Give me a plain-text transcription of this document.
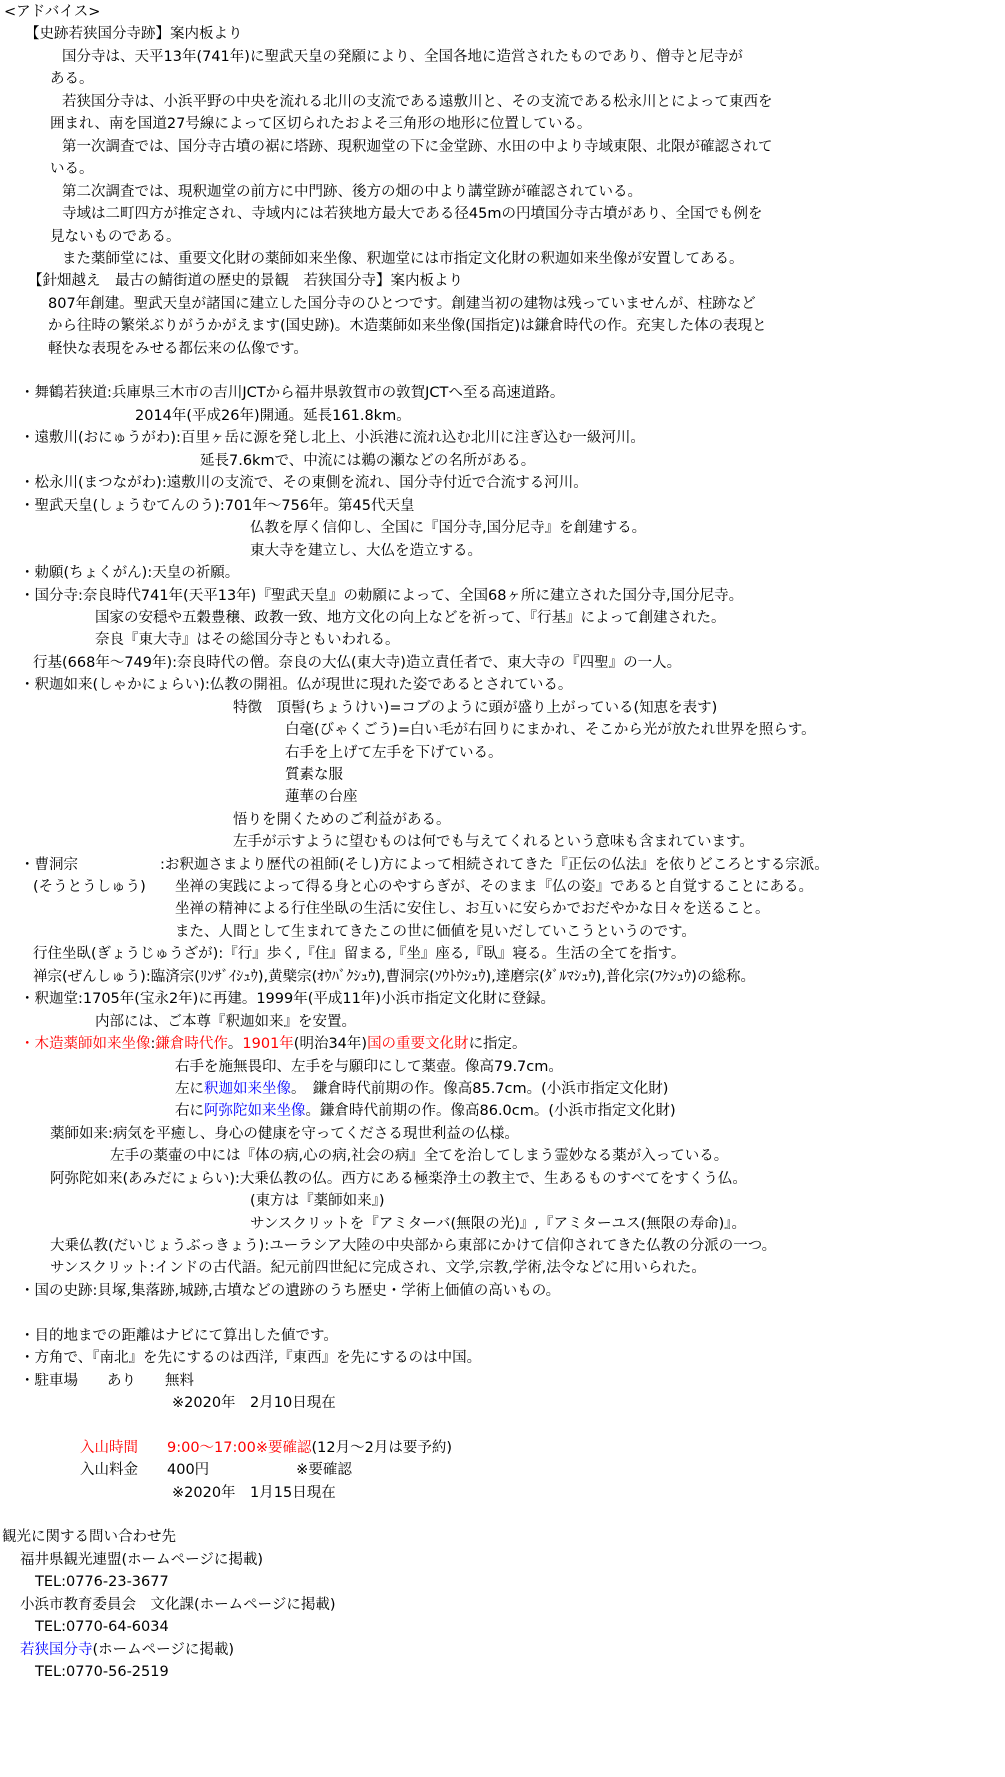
<アドバイス>
【史跡若狭国分寺跡】案内板より
国分寺は、天平13年(741年)に聖武天皇の発願により、全国各地に造営されたものであり、僧寺と尼寺が
ある。
若狭国分寺は、小浜平野の中央を流れる北川の支流である遠敷川と、その支流である松永川とによって東西を
囲まれ、南を国道27号線によって区切られたおよそ三角形の地形に位置している。
第一次調査では、国分寺古墳の裾に塔跡、現釈迦堂の下に金堂跡、水田の中より寺域東限、北限が確認されて
いる。
第二次調査では、現釈迦堂の前方に中門跡、後方の畑の中より講堂跡が確認されている。
寺域は二町四方が推定され、寺域内には若狭地方最大である径45mの円墳国分寺古墳があり、全国でも例を
見ないものである。
また薬師堂には、重要文化財の薬師如来坐像、釈迦堂には市指定文化財の釈迦如来坐像が安置してある。
【針畑越え　最古の鯖街道の歴史的景観　若狭国分寺】案内板より
807年創建。聖武天皇が諸国に建立した国分寺のひとつです。創建当初の建物は残っていませんが、柱跡など
から往時の繁栄ぶりがうかがえます(国史跡)。木造薬師如来坐像(国指定)は鎌倉時代の作。充実した体の表現と
軽快な表現をみせる都伝来の仏像です。
・舞鶴若狭道:兵庫県三木市の吉川JCTから福井県敦賀市の敦賀JCTへ至る高速道路。
2014年(平成26年)開通。延長161.8km。
・遠敷川(おにゅうがわ):百里ヶ岳に源を発し北上、小浜港に流れ込む北川に注ぎ込む一級河川。
延長7.6kmで、中流には鵜の瀬などの名所がある。
・松永川(まつながわ):遠敷川の支流で、その東側を流れ、国分寺付近で合流する河川。
・聖武天皇(しょうむてんのう):701年～756年。第45代天皇
仏教を厚く信仰し、全国に『国分寺,国分尼寺』を創建する。
東大寺を建立し、大仏を造立する。
・勅願(ちょくがん):天皇の祈願。
・国分寺:奈良時代741年(天平13年)『聖武天皇』の勅願によって、全国68ヶ所に建立された国分寺,国分尼寺。
国家の安穏や五穀豊穣、政教一致、地方文化の向上などを祈って、『行基』によって創建された。
奈良『東大寺』はその総国分寺ともいわれる。
行基(668年～749年):奈良時代の僧。奈良の大仏(東大寺)造立責任者で、東大寺の『四聖』の一人。
・釈迦如来(しゃかにょらい):仏教の開祖。仏が現世に現れた姿であるとされている。
特徴　頂髻(ちょうけい)=コブのように頭が盛り上がっている(知恵を表す)
白毫(びゃくごう)=白い毛が右回りにまかれ、そこから光が放たれ世界を照らす。
右手を上げて左手を下げている。
質素な服
蓮華の台座
悟りを開くためのご利益がある。
左手が示すように望むものは何でも与えてくれるという意味も含まれています。
・曹洞宗	:お釈迦さまより歴代の祖師(そし)方によって相続されてきた『正伝の仏法』を依りどころとする宗派。
(そうとうしゅう) 坐禅の実践によって得る身と心のやすらぎが、そのまま『仏の姿』であると自覚することにある。
坐禅の精神による行住坐臥の生活に安住し、お互いに安らかでおだやかな日々を送ること。
また、人間として生まれてきたこの世に価値を見いだしていこうというのです。
行住坐臥(ぎょうじゅうざが):『行』歩く,『住』留まる,『坐』座る,『臥』寝る。生活の全てを指す。
禅宗(ぜんしゅう):臨済宗(ﾘﾝｻﾞｲｼｭｳ),黄檗宗(ｵｳﾊﾞｸｼｭｳ),曹洞宗(ｿｳﾄｳｼｭｳ),達磨宗(ﾀﾞﾙﾏｼｭｳ),普化宗(ﾌｹｼｭｳ)の総称。
・釈迦堂:1705年(宝永2年)に再建。1999年(平成11年)小浜市指定文化財に登録。
内部には、ご本尊『釈迦如来』を安置。
・木造薬師如来坐像:鎌倉時代作。1901年(明治34年)国の重要文化財に指定。
右手を施無畏印、左手を与願印にして薬壺。像高79.7cm。
左に釈迦如来坐像。　鎌倉時代前期の作。像高85.7cm。(小浜市指定文化財)
右に阿弥陀如来坐像。鎌倉時代前期の作。像高86.0cm。(小浜市指定文化財)
薬師如来:病気を平癒し、身心の健康を守ってくださる現世利益の仏様。
左手の薬壷の中には『体の病,心の病,社会の病』全てを治してしまう霊妙なる薬が入っている。
阿弥陀如来(あみだにょらい):大乗仏教の仏。西方にある極楽浄土の教主で、生あるものすべてをすくう仏。
(東方は『薬師如来』)
サンスクリットを『アミターバ(無限の光)』,『アミターユス(無限の寿命)』。
大乗仏教(だいじょうぶっきょう):ユーラシア大陸の中央部から東部にかけて信仰されてきた仏教の分派の一つ。
サンスクリット:インドの古代語。紀元前四世紀に完成され、文学,宗教,学術,法令などに用いられた。
・国の史跡:貝塚,集落跡,城跡,古墳などの遺跡のうち歴史・学術上価値の高いもの。
・目的地までの距離はナビにて算出した値です。
・方角で、『南北』を先にするのは西洋,『東西』を先にするのは中国。
・駐車場　　あり　　無料
※2020年　2月10日現在
入山時間　　 9:00～17:00※要確認(12月～2月は要予約)
入山料金　　400円　　　　　　※要確認
※2020年　1月15日現在
観光に関する問い合わせ先
福井県観光連盟(ホームページに掲載)
TEL:0776-23-3677
小浜市教育委員会　文化課(ホームページに掲載)
TEL:0770-64-6034
若狭国分寺(ホームページに掲載)
TEL:0770-56-2519
